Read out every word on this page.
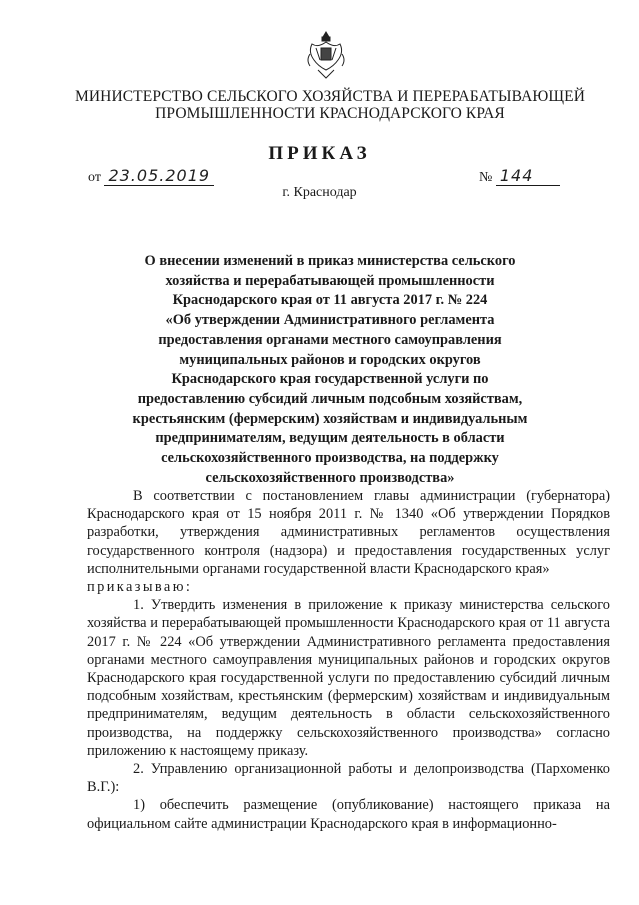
МИНИСТЕРСТВО СЕЛЬСКОГО ХОЗЯЙСТВА И ПЕРЕРАБАТЫВАЮЩЕЙ
ПРОМЫШЛЕННОСТИ КРАСНОДАРСКОГО КРАЯ
ПРИКАЗ
от 23.05.2019	№ 144
г. Краснодар
О внесении изменений в приказ министерства сельского
хозяйства и перерабатывающей промышленности
Краснодарского края от 11 августа 2017 г. № 224
«Об утверждении Административного регламента
предоставления органами местного самоуправления
муниципальных районов и городских округов
Краснодарского края государственной услуги по
предоставлению субсидий личным подсобным хозяйствам,
крестьянским (фермерским) хозяйствам и индивидуальным
предпринимателям, ведущим деятельность в области
сельскохозяйственного производства, на поддержку
сельскохозяйственного производства»

В соответствии с постановлением главы администрации (губернатора) Краснодарского края от 15 ноября 2011 г. № 1340 «Об утверждении Порядков разработки, утверждения административных регламентов осуществления государственного контроля (надзора) и предоставления государственных услуг исполнительными органами государственной власти Краснодарского края»

приказываю:

1. Утвердить изменения в приложение к приказу министерства сельского хозяйства и перерабатывающей промышленности Краснодарского края от 11 августа 2017 г. № 224 «Об утверждении Административного регламента предоставления органами местного самоуправления муниципальных районов и городских округов Краснодарского края государственной услуги по предоставлению субсидий личным подсобным хозяйствам, крестьянским (фермерским) хозяйствам и индивидуальным предпринимателям, ведущим деятельность в области сельскохозяйственного производства, на поддержку сельскохозяйственного производства» согласно приложению к настоящему приказу.

2. Управлению организационной работы и делопроизводства (Пархоменко В.Г.):

1) обеспечить размещение (опубликование) настоящего приказа на официальном сайте администрации Краснодарского края в информационно-
